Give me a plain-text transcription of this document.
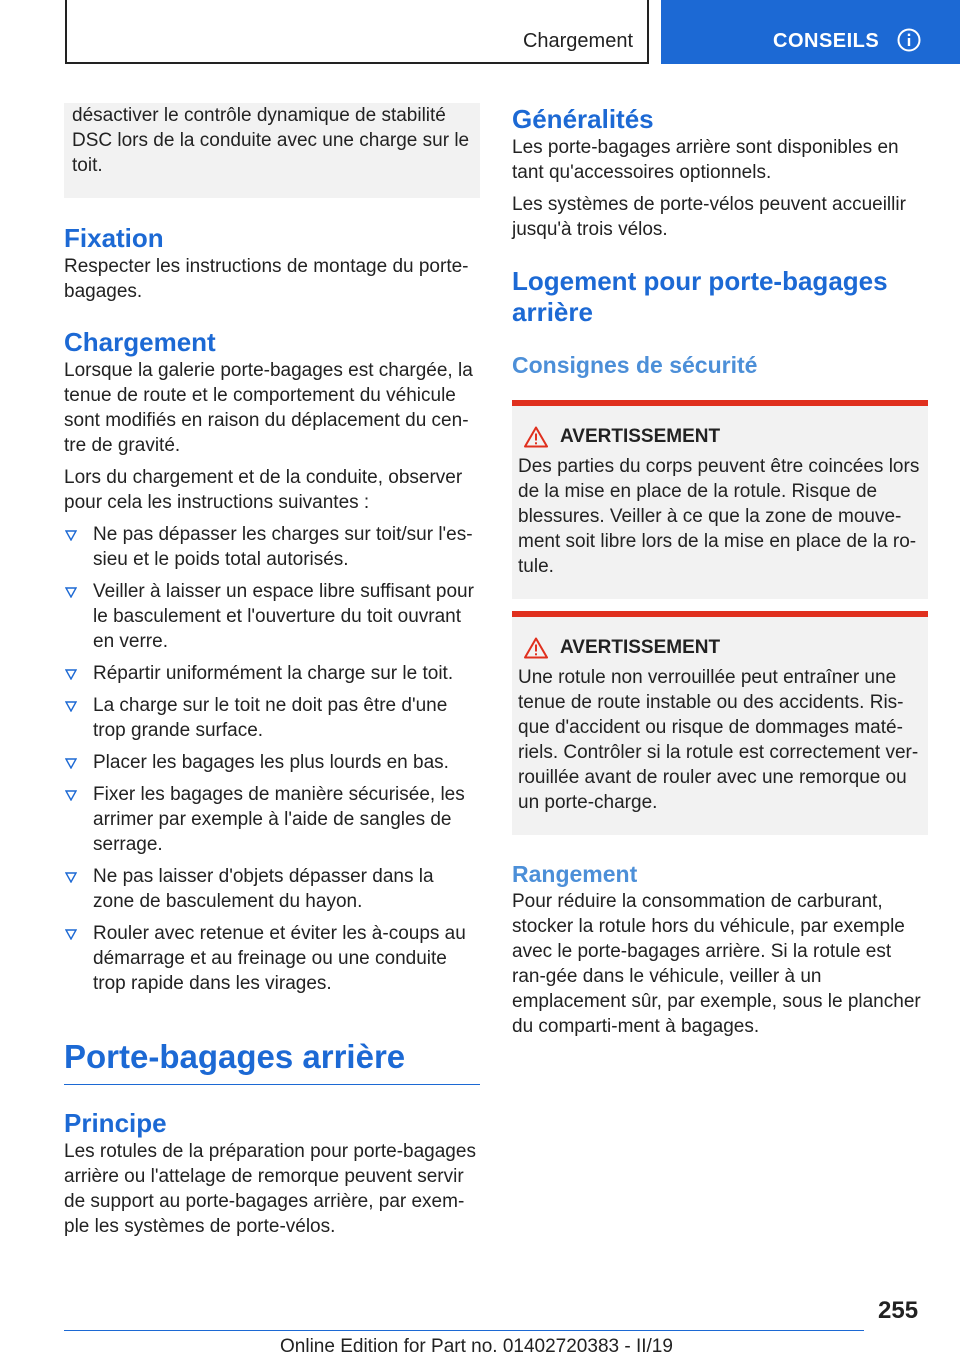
Chargement	CONSEILS

désactiver le contrôle dynamique de stabilité DSC lors de la conduite avec une charge sur le toit.

Fixation

Respecter les instructions de montage du porte-bagages.

Chargement

Lorsque la galerie porte-bagages est chargée, la tenue de route et le comportement du véhicule sont modifiés en raison du déplacement du cen-tre de gravité.

Lors du chargement et de la conduite, observer pour cela les instructions suivantes :

Ne pas dépasser les charges sur toit/sur l'es-sieu et le poids total autorisés.
Veiller à laisser un espace libre suffisant pour le basculement et l'ouverture du toit ouvrant en verre.
Répartir uniformément la charge sur le toit.
La charge sur le toit ne doit pas être d'une trop grande surface.
Placer les bagages les plus lourds en bas.
Fixer les bagages de manière sécurisée, les arrimer par exemple à l'aide de sangles de serrage.
Ne pas laisser d'objets dépasser dans la zone de basculement du hayon.
Rouler avec retenue et éviter les à-coups au démarrage et au freinage ou une conduite trop rapide dans les virages.
Porte-bagages arrière
Principe

Les rotules de la préparation pour porte-bagages arrière ou l'attelage de remorque peuvent servir de support au porte-bagages arrière, par exem-ple les systèmes de porte-vélos.

Généralités

Les porte-bagages arrière sont disponibles en tant qu'accessoires optionnels.

Les systèmes de porte-vélos peuvent accueillir jusqu'à trois vélos.

Logement pour porte-bagages arrière
Consignes de sécurité
AVERTISSEMENT

Des parties du corps peuvent être coincées lors de la mise en place de la rotule. Risque de blessures. Veiller à ce que la zone de mouve-ment soit libre lors de la mise en place de la ro-tule.

AVERTISSEMENT

Une rotule non verrouillée peut entraîner une tenue de route instable ou des accidents. Ris-que d'accident ou risque de dommages maté-riels. Contrôler si la rotule est correctement ver-rouillée avant de rouler avec une remorque ou un porte-charge.

Rangement

Pour réduire la consommation de carburant, stocker la rotule hors du véhicule, par exemple avec le porte-bagages arrière. Si la rotule est ran-gée dans le véhicule, veiller à un emplacement sûr, par exemple, sous le plancher du comparti-ment à bagages.

255
Online Edition for Part no. 01402720383 - II/19
